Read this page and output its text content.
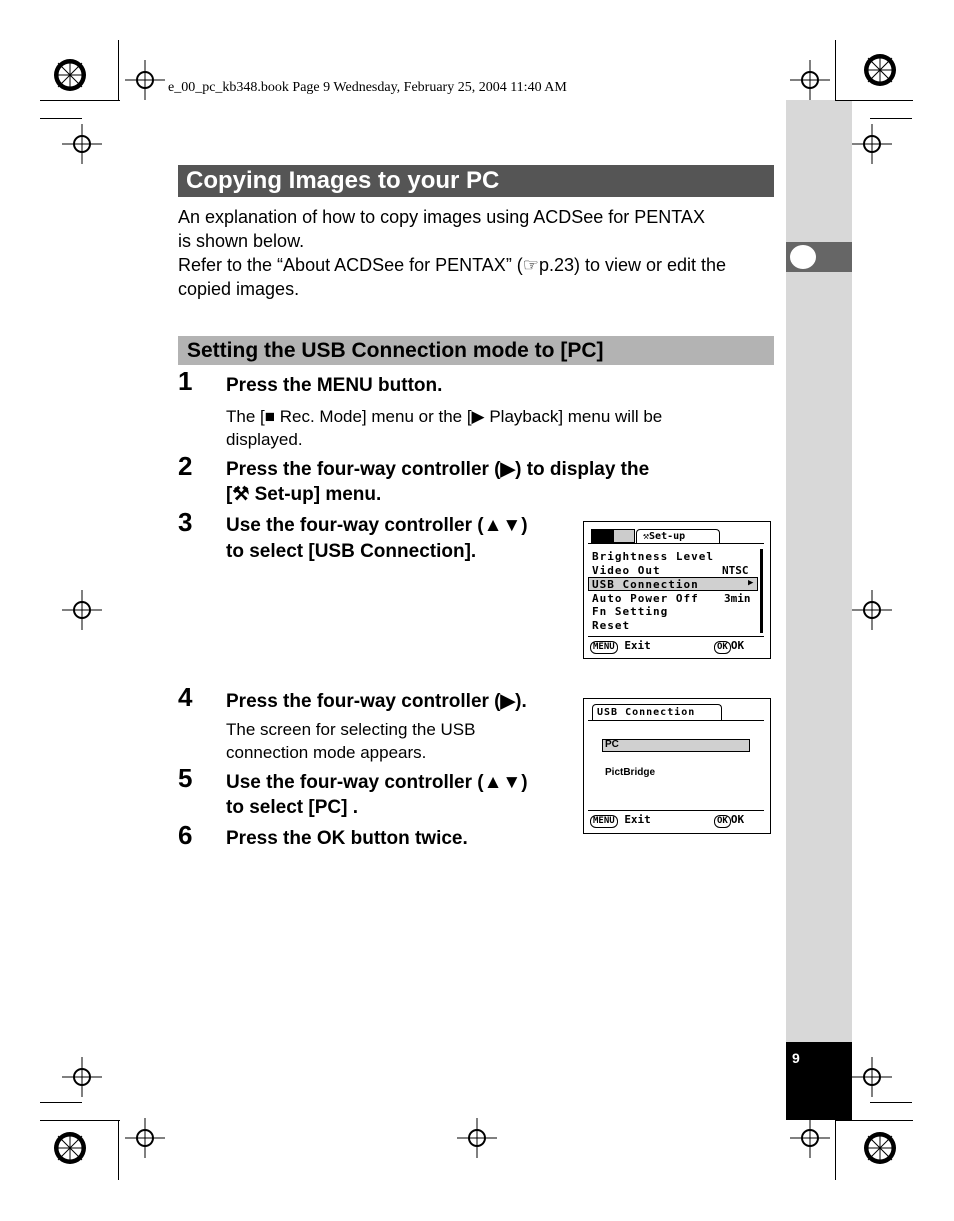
9
e_00_pc_kb348.book Page 9 Wednesday, February 25, 2004 11:40 AM
Copying Images to your PC
An explanation of how to copy images using ACDSee for PENTAX
is shown below.
Refer to the “About ACDSee for PENTAX” (☞p.23) to view or edit the
copied images.
Setting the USB Connection mode to [PC]
1 Press the MENU button.
The [■ Rec. Mode] menu or the [▶ Playback] menu will be
displayed.
2 Press the four-way controller (▶) to display the
[⚒ Set-up] menu.
3 Use the four-way controller (▲▼)
to select [USB Connection].
⚒Set-up
Brightness Level
Video Out	NTSC
USB Connection	▶
Auto Power Off 3min
Fn Setting
Reset
MENU Exit	OK OK
4 Press the four-way controller (▶).
The screen for selecting the USB
connection mode appears.
5 Use the four-way controller (▲▼)
to select [PC] .
6 Press the OK button twice.
USB Connection
PC
PictBridge
MENU Exit	OK OK
